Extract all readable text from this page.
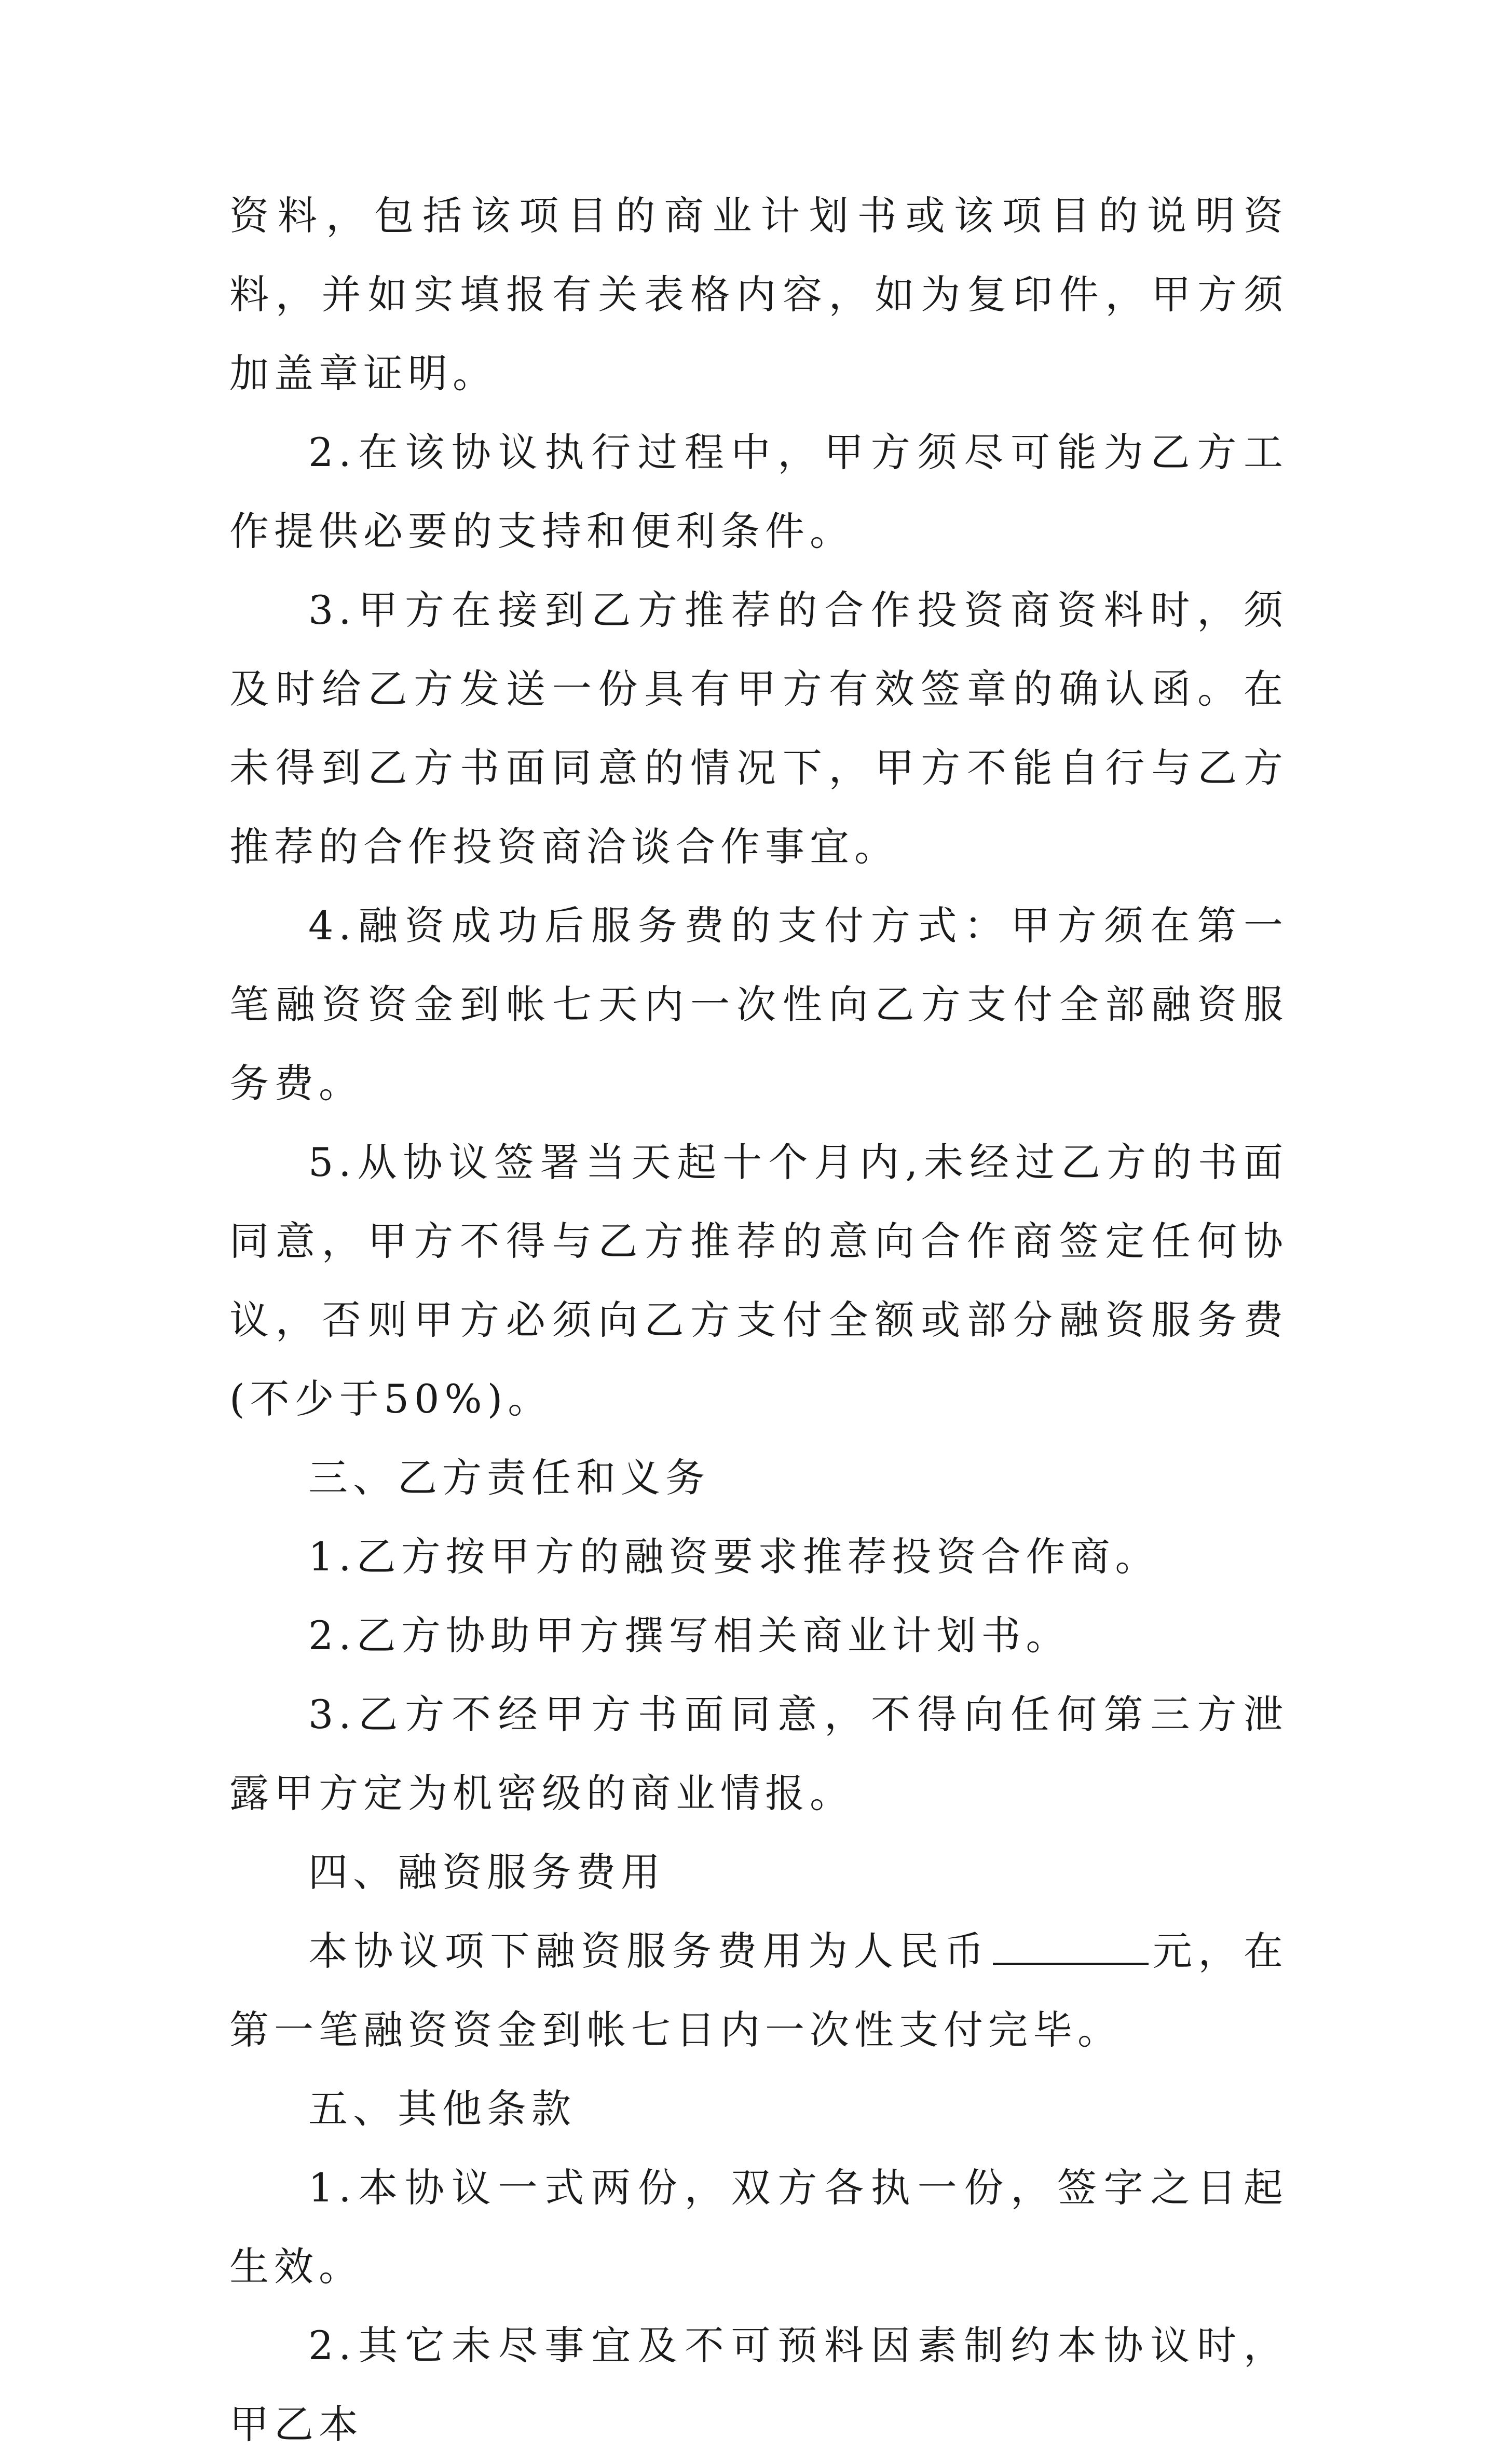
资料，包括该项目的商业计划书或该项目的说明资料，并如实填报有关表格内容，如为复印件，甲方须加盖章证明。

2.在该协议执行过程中，甲方须尽可能为乙方工作提供必要的支持和便利条件。

3.甲方在接到乙方推荐的合作投资商资料时，须及时给乙方发送一份具有甲方有效签章的确认函。在未得到乙方书面同意的情况下，甲方不能自行与乙方推荐的合作投资商洽谈合作事宜。

4.融资成功后服务费的支付方式：甲方须在第一笔融资资金到帐七天内一次性向乙方支付全部融资服务费。

5.从协议签署当天起十个月内,未经过乙方的书面同意，甲方不得与乙方推荐的意向合作商签定任何协议，否则甲方必须向乙方支付全额或部分融资服务费(不少于50%)。

三、乙方责任和义务

1.乙方按甲方的融资要求推荐投资合作商。

2.乙方协助甲方撰写相关商业计划书。

3.乙方不经甲方书面同意，不得向任何第三方泄露甲方定为机密级的商业情报。

四、融资服务费用

本协议项下融资服务费用为人民币	元，在第一笔融资资金到帐七日内一次性支付完毕。

五、其他条款

1.本协议一式两份，双方各执一份，签字之日起生效。

2.其它未尽事宜及不可预料因素制约本协议时，甲乙本
